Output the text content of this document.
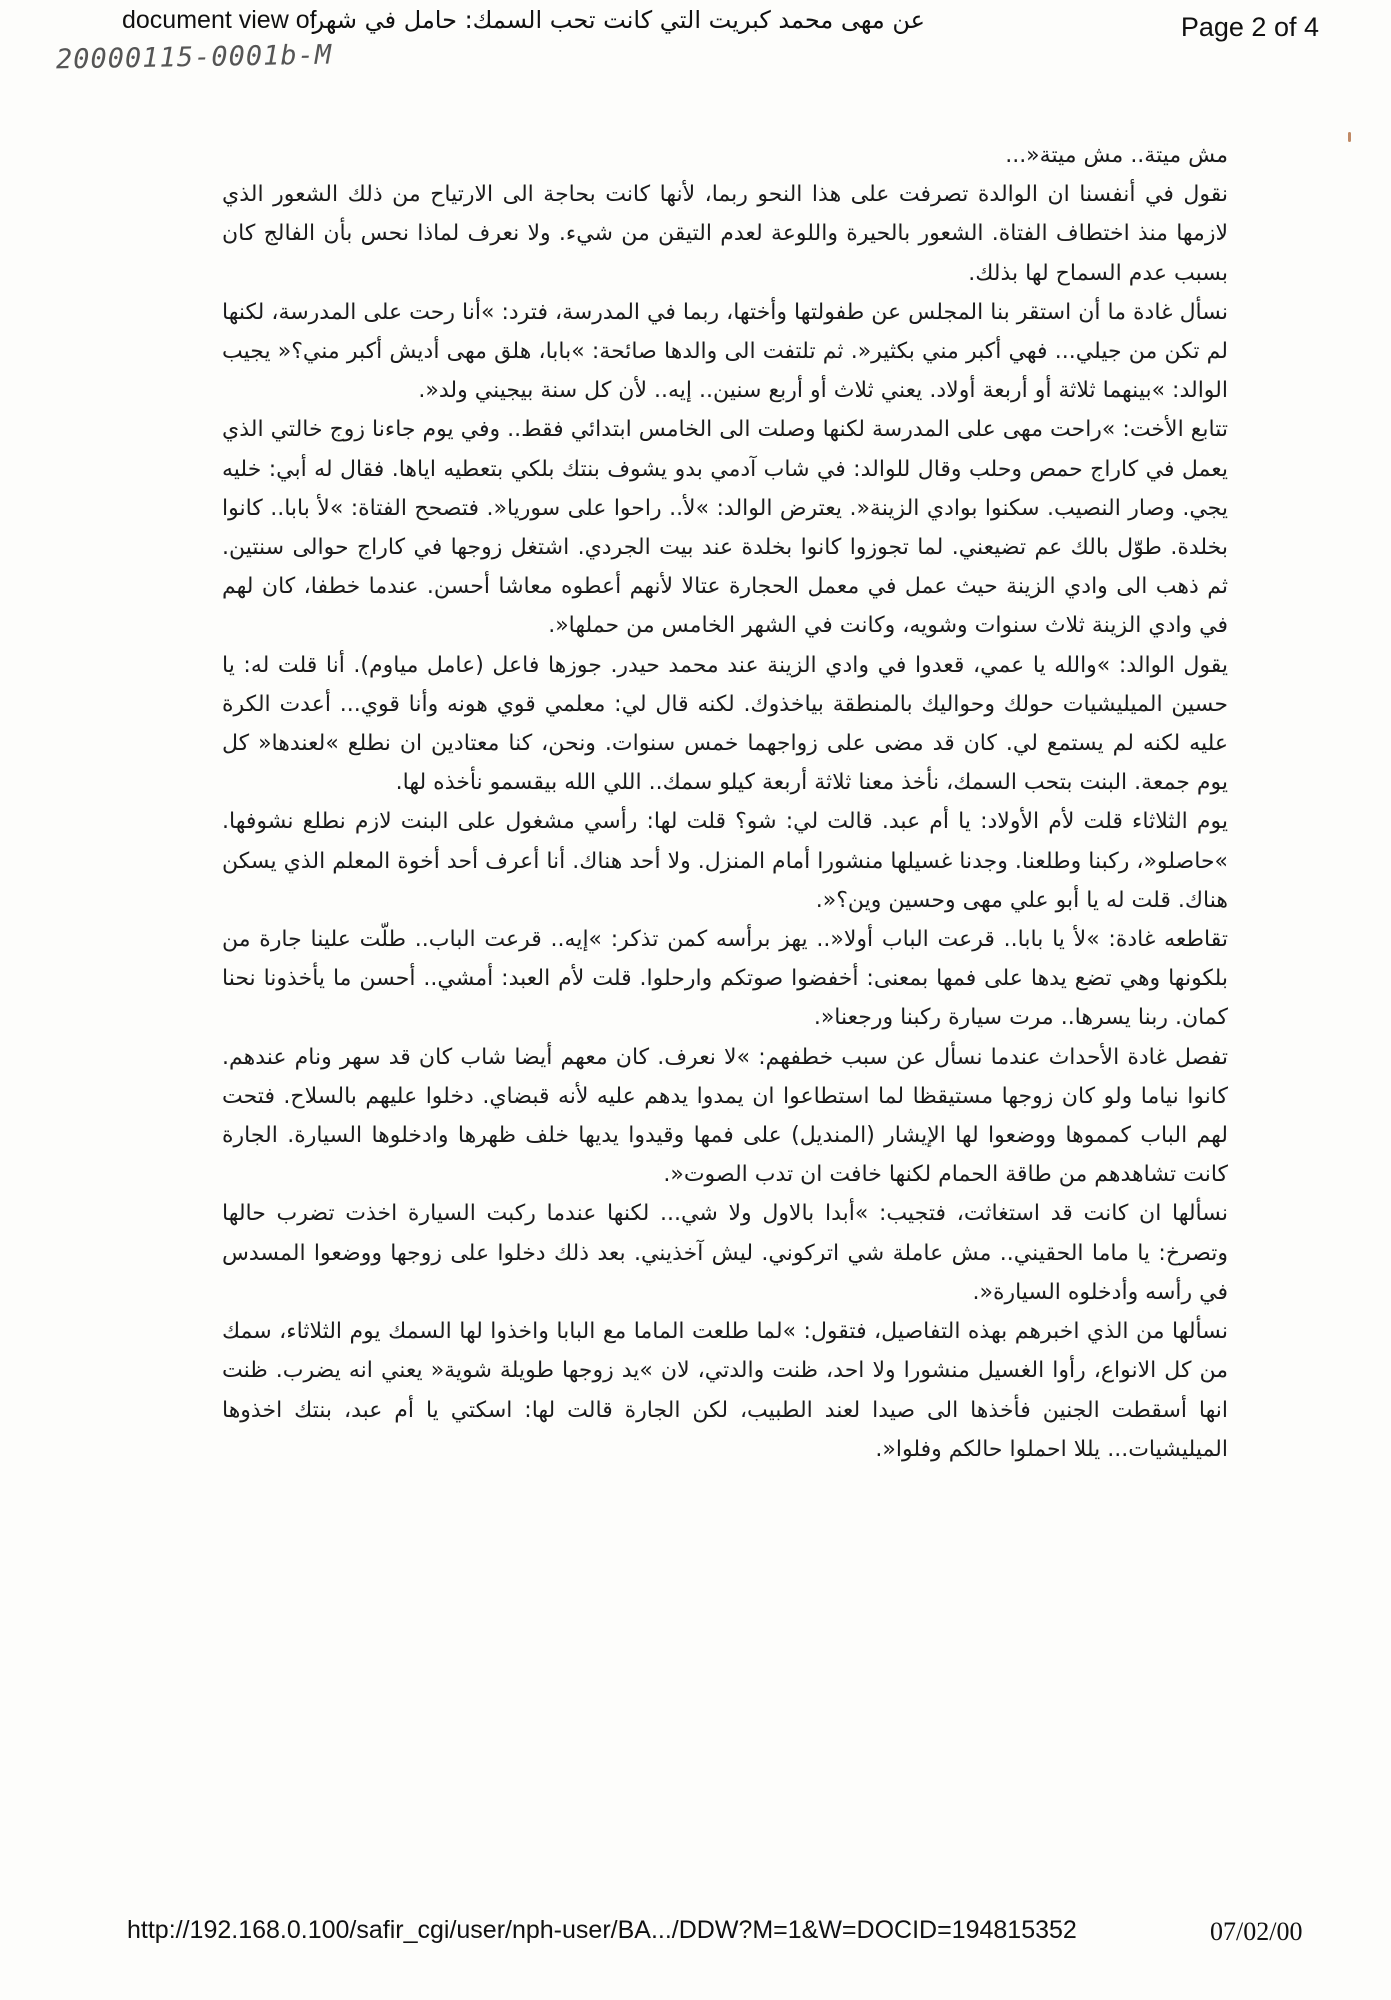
document view of
عن مهى محمد كبريت التي كانت تحب السمك: حامل في شهر	Page 2 of 4
20000115-0001b-M

مش ميتة.. مش ميتة«...

نقول في أنفسنا ان الوالدة تصرفت على هذا النحو ربما، لأنها كانت بحاجة الى الارتياح من ذلك الشعور الذي لازمها منذ اختطاف الفتاة. الشعور بالحيرة واللوعة لعدم التيقن من شيء. ولا نعرف لماذا نحس بأن الفالج كان بسبب عدم السماح لها بذلك.

نسأل غادة ما أن استقر بنا المجلس عن طفولتها وأختها، ربما في المدرسة، فترد: »أنا رحت على المدرسة، لكنها لم تكن من جيلي... فهي أكبر مني بكثير«. ثم تلتفت الى والدها صائحة: »بابا، هلق مهى أديش أكبر مني؟« يجيب الوالد: »بينهما ثلاثة أو أربعة أولاد. يعني ثلاث أو أربع سنين.. إيه.. لأن كل سنة بيجيني ولد«.

تتابع الأخت: »راحت مهى على المدرسة لكنها وصلت الى الخامس ابتدائي فقط.. وفي يوم جاءنا زوج خالتي الذي يعمل في كاراج حمص وحلب وقال للوالد: في شاب آدمي بدو يشوف بنتك بلكي بتعطيه اياها. فقال له أبي: خليه يجي. وصار النصيب. سكنوا بوادي الزينة«. يعترض الوالد: »لأ.. راحوا على سوريا«. فتصحح الفتاة: »لأ بابا.. كانوا بخلدة. طوّل بالك عم تضيعني. لما تجوزوا كانوا بخلدة عند بيت الجردي. اشتغل زوجها في كاراج حوالى سنتين. ثم ذهب الى وادي الزينة حيث عمل في معمل الحجارة عتالا لأنهم أعطوه معاشا أحسن. عندما خطفا، كان لهم في وادي الزينة ثلاث سنوات وشويه، وكانت في الشهر الخامس من حملها«.

يقول الوالد: »والله يا عمي، قعدوا في وادي الزينة عند محمد حيدر. جوزها فاعل (عامل مياوم). أنا قلت له: يا حسين الميليشيات حولك وحواليك بالمنطقة بياخذوك. لكنه قال لي: معلمي قوي هونه وأنا قوي... أعدت الكرة عليه لكنه لم يستمع لي. كان قد مضى على زواجهما خمس سنوات. ونحن، كنا معتادين ان نطلع »لعندها« كل يوم جمعة. البنت بتحب السمك، نأخذ معنا ثلاثة أربعة كيلو سمك.. اللي الله بيقسمو نأخذه لها.

يوم الثلاثاء قلت لأم الأولاد: يا أم عبد. قالت لي: شو؟ قلت لها: رأسي مشغول على البنت لازم نطلع نشوفها. »حاصلو«، ركبنا وطلعنا. وجدنا غسيلها منشورا أمام المنزل. ولا أحد هناك. أنا أعرف أحد أخوة المعلم الذي يسكن هناك. قلت له يا أبو علي مهى وحسين وين؟«.

تقاطعه غادة: »لأ يا بابا.. قرعت الباب أولا«.. يهز برأسه كمن تذكر: »إيه.. قرعت الباب.. طلّت علينا جارة من بلكونها وهي تضع يدها على فمها بمعنى: أخفضوا صوتكم وارحلوا. قلت لأم العبد: أمشي.. أحسن ما يأخذونا نحنا كمان. ربنا يسرها.. مرت سيارة ركبنا ورجعنا«.

تفصل غادة الأحداث عندما نسأل عن سبب خطفهم: »لا نعرف. كان معهم أيضا شاب كان قد سهر ونام عندهم. كانوا نياما ولو كان زوجها مستيقظا لما استطاعوا ان يمدوا يدهم عليه لأنه قبضاي. دخلوا عليهم بالسلاح. فتحت لهم الباب كمموها ووضعوا لها الإيشار (المنديل) على فمها وقيدوا يديها خلف ظهرها وادخلوها السيارة. الجارة كانت تشاهدهم من طاقة الحمام لكنها خافت ان تدب الصوت«.

نسألها ان كانت قد استغاثت، فتجيب: »أبدا بالاول ولا شي... لكنها عندما ركبت السيارة اخذت تضرب حالها وتصرخ: يا ماما الحقيني.. مش عاملة شي اتركوني. ليش آخذيني. بعد ذلك دخلوا على زوجها ووضعوا المسدس في رأسه وأدخلوه السيارة«.

نسألها من الذي اخبرهم بهذه التفاصيل، فتقول: »لما طلعت الماما مع البابا واخذوا لها السمك يوم الثلاثاء، سمك من كل الانواع، رأوا الغسيل منشورا ولا احد، ظنت والدتي، لان »يد زوجها طويلة شوية« يعني انه يضرب. ظنت انها أسقطت الجنين فأخذها الى صيدا لعند الطبيب، لكن الجارة قالت لها: اسكتي يا أم عبد، بنتك اخذوها الميليشيات... يللا احملوا حالكم وفلوا«.

http://192.168.0.100/safir_cgi/user/nph-user/BA.../DDW?M=1&W=DOCID=194815352	07/02/00
